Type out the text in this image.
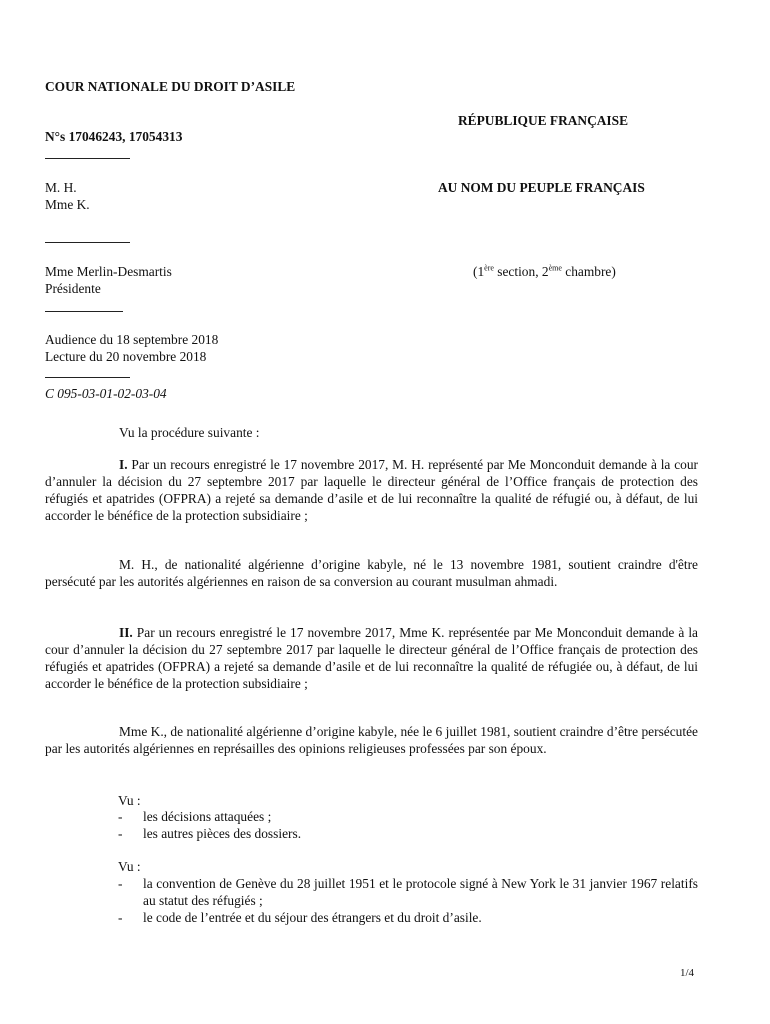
COUR NATIONALE DU DROIT D’ASILE
RÉPUBLIQUE FRANÇAISE
N°s 17046243, 17054313
M. H.
Mme K.
AU NOM DU PEUPLE FRANÇAIS
Mme Merlin-Desmartis
Présidente
(1ère section, 2ème chambre)
Audience du 18 septembre 2018
Lecture du 20 novembre 2018
C 095-03-01-02-03-04
Vu la procédure suivante :

I. Par un recours enregistré le 17 novembre 2017, M. H. représenté par Me Monconduit demande à la cour d’annuler la décision du 27 septembre 2017 par laquelle le directeur général de l’Office français de protection des réfugiés et apatrides (OFPRA) a rejeté sa demande d’asile et de lui reconnaître la qualité de réfugié ou, à défaut, de lui accorder le bénéfice de la protection subsidiaire ;

M. H., de nationalité algérienne d’origine kabyle, né le 13 novembre 1981, soutient craindre d'être persécuté par les autorités algériennes en raison de sa conversion au courant musulman ahmadi.

II. Par un recours enregistré le 17 novembre 2017, Mme K. représentée par Me Monconduit demande à la cour d’annuler la décision du 27 septembre 2017 par laquelle le directeur général de l’Office français de protection des réfugiés et apatrides (OFPRA) a rejeté sa demande d’asile et de lui reconnaître la qualité de réfugiée ou, à défaut, de lui accorder le bénéfice de la protection subsidiaire ;

Mme K., de nationalité algérienne d’origine kabyle, née le 6 juillet 1981, soutient craindre d’être persécutée par les autorités algériennes en représailles des opinions religieuses professées par son époux.

Vu :
- les décisions attaquées ;
- les autres pièces des dossiers.
Vu :
- la convention de Genève du 28 juillet 1951 et le protocole signé à New York le 31 janvier 1967 relatifs au statut des réfugiés ;
- le code de l’entrée et du séjour des étrangers et du droit d’asile.
1/4
